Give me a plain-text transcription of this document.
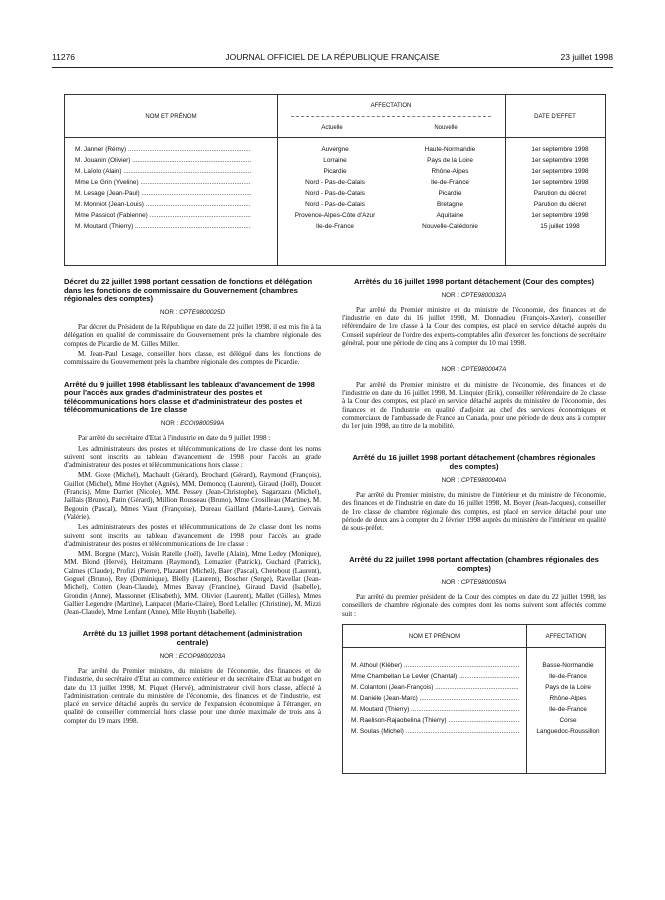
11276	JOURNAL OFFICIEL DE LA RÉPUBLIQUE FRANÇAISE	23 juillet 1998
NOM ET PRÉNOM
AFFECTATION
Actuelle	Nouvelle
DATE D'EFFET
M. Janner (Rémy) .....	Auvergne	Haute-Normandie	1er septembre 1998
M. Jouanin (Olivier) .....	Lorraine	Pays de la Loire	1er septembre 1998
M. Laïolo (Alain) .....	Picardie	Rhône-Alpes	1er septembre 1998
Mme Le Grin (Yveline) .....	Nord - Pas-de-Calais	Ile-de-France	1er septembre 1998
M. Lesage (Jean-Paul) .....	Nord - Pas-de-Calais	Picardie	Parution du décret
M. Monniot (Jean-Louis) .....	Nord - Pas-de-Calais	Bretagne	Parution du décret
Mme Passicot (Fabienne) .....	Provence-Alpes-Côte d'Azur	Aquitaine	1er septembre 1998
M. Moutard (Thierry) .....	Ile-de-France	Nouvelle-Calédonie	15 juillet 1998

Décret du 22 juillet 1998 portant cessation de fonctions et délégation dans les fonctions de commissaire du Gouvernement (chambres régionales des comptes)

NOR : CPTE9800025D

Par décret du Président de la République en date du 22 juillet 1998, il est mis fin à la délégation en qualité de commissaire du Gouvernement près la chambre régionale des comptes de Picardie de M. Gilles Miller.

M. Jean-Paul Lesage, conseiller hors classe, est délégué dans les fonctions de commissaire du Gouvernement près la chambre régionale des comptes de Picardie.

Arrêté du 9 juillet 1998 établissant les tableaux d'avancement de 1998 pour l'accès aux grades d'administrateur des postes et télécommunications hors classe et d'administrateur des postes et télécommunications de 1re classe

NOR : ECOI9800599A

Par arrêté du secrétaire d'Etat à l'industrie en date du 9 juillet 1998 :

Les administrateurs des postes et télécommunications de 1re classe dont les noms suivent sont inscrits au tableau d'avancement de 1998 pour l'accès au grade d'administrateur des postes et télécommunications hors classe :

MM. Goxe (Michel), Machault (Gérard), Brochard (Gérard), Raymond (François), Guillot (Michel), Mme Hoyhet (Agnès), MM. Demoncq (Laurent), Giraud (Joël), Doucet (Francis), Mme Darriet (Nicole), MM. Pessey (Jean-Christophe), Sagarzazu (Michel), Jaillais (Bruno), Patin (Gérard), Million Rousseau (Bruno), Mme Crosilleau (Martine), M. Begouin (Pascal), Mmes Viaut (Françoise), Dureau Gaillard (Marie-Laure), Gervais (Valérie).

Les administrateurs des postes et télécommunications de 2e classe dont les noms suivent sont inscrits au tableau d'avancement de 1998 pour l'accès au grade d'administrateur des postes et télécommunications de 1re classe :

MM. Borgne (Marc), Voisin Ratelle (Joël), Javelle (Alain), Mme Ledey (Monique), MM. Blond (Hervé), Heitzmann (Raymond), Lemazier (Patrick), Guchard (Patrick), Calmes (Claude), Profizi (Pierre), Plazanet (Michel), Baer (Pascal), Chetebout (Laurent), Goguel (Bruno), Rey (Dominique), Blelly (Laurent), Boscher (Serge), Ravellat (Jean-Michel), Cotten (Jean-Claude), Mmes Bavay (Francine), Giraud David (Isabelle), Grondin (Anne), Massonnet (Elisabeth), MM. Olivier (Laurent), Mallet (Gilles), Mmes Gallier Legendre (Martine), Lanpacet (Marie-Claire), Bord Lelallec (Christine), M. Mizzi (Jean-Claude), Mme Lenfant (Anne), Mlle Huynh (Isabelle).

Arrêté du 13 juillet 1998 portant détachement (administration centrale)

NOR : ECOP9800203A

Par arrêté du Premier ministre, du ministre de l'économie, des finances et de l'industrie, du secrétaire d'Etat au commerce extérieur et du secrétaire d'Etat au budget en date du 13 juillet 1998, M. Piquet (Hervé), administrateur civil hors classe, affecté à l'administration centrale du ministère de l'économie, des finances et de l'industrie, est placé en service détaché auprès du service de l'expansion économique à l'étranger, en qualité de conseiller commercial hors classe pour une durée maximale de trois ans à compter du 19 mars 1998.

Arrêtés du 16 juillet 1998 portant détachement (Cour des comptes)

NOR : CPTE9800032A

Par arrêté du Premier ministre et du ministre de l'économie, des finances et de l'industrie en date du 16 juillet 1998, M. Donnadieu (François-Xavier), conseiller référendaire de 1re classe à la Cour des comptes, est placé en service détaché auprès du Conseil supérieur de l'ordre des experts-comptables afin d'exercer les fonctions de secrétaire général, pour une période de cinq ans à compter du 10 mai 1998.

NOR : CPTE9800047A

Par arrêté du Premier ministre et du ministre de l'économie, des finances et de l'industrie en date du 16 juillet 1998, M. Linquier (Erik), conseiller référendaire de 2e classe à la Cour des comptes, est placé en service détaché auprès du ministère de l'économie, des finances et de l'industrie en qualité d'adjoint au chef des services économiques et commerciaux de l'ambassade de France au Canada, pour une période de deux ans à compter du 1er juin 1998, au titre de la mobilité.

Arrêté du 16 juillet 1998 portant détachement (chambres régionales des comptes)

NOR : CPTE9800040A

Par arrêté du Premier ministre, du ministre de l'intérieur et du ministre de l'économie, des finances et de l'industrie en date du 16 juillet 1998, M. Boyer (Jean-Jacques), conseiller de 1re classe de chambre régionale des comptes, est placé en service détaché pour une période de deux ans à compter du 2 février 1998 auprès du ministère de l'intérieur en qualité de sous-préfet.

Arrêté du 22 juillet 1998 portant affectation (chambres régionales des comptes)

NOR : CPTE9800059A

Par arrêté du premier président de la Cour des comptes en date du 22 juillet 1998, les conseillers de chambre régionale des comptes dont les noms suivent sont affectés comme suit :

NOM ET PRÉNOM	AFFECTATION
M. Athoul (Kléber) .....	Basse-Normandie
Mme Chambellan Le Levier (Chantal) .....	Ile-de-France
M. Colantoni (Jean-François) .....	Pays de la Loire
M. Daniéle (Jean-Marc) .....	Rhône-Alpes
M. Moutard (Thierry) .....	Ile-de-France
M. Raelison-Rajaobelina (Thierry) .....	Corse
M. Soulas (Michel) .....	Languedoc-Roussillon
